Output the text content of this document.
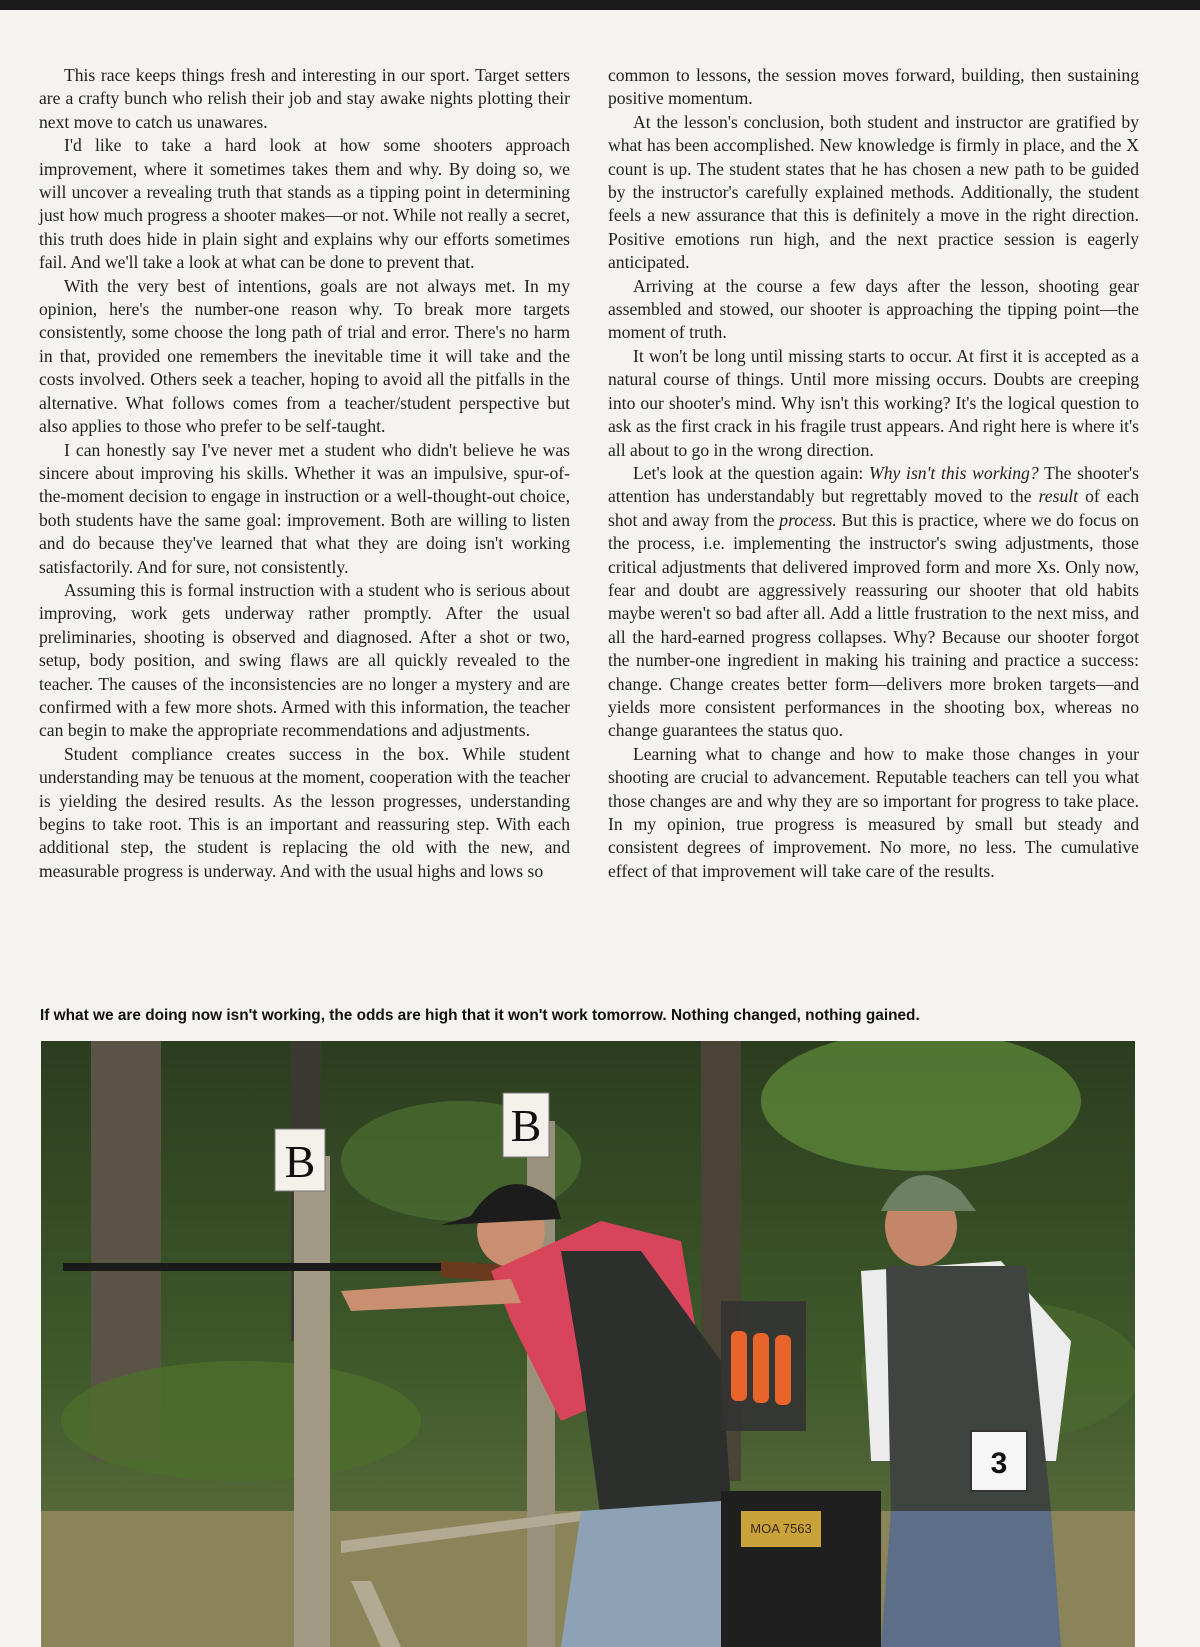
This race keeps things fresh and interesting in our sport. Target setters are a crafty bunch who relish their job and stay awake nights plotting their next move to catch us unawares.

I'd like to take a hard look at how some shooters approach improvement, where it sometimes takes them and why. By doing so, we will uncover a revealing truth that stands as a tipping point in determining just how much progress a shooter makes—or not. While not really a secret, this truth does hide in plain sight and explains why our efforts sometimes fail. And we'll take a look at what can be done to prevent that.

With the very best of intentions, goals are not always met. In my opinion, here's the number-one reason why. To break more targets consistently, some choose the long path of trial and error. There's no harm in that, provided one remembers the inevitable time it will take and the costs involved. Others seek a teacher, hoping to avoid all the pitfalls in the alternative. What follows comes from a teacher/student perspective but also applies to those who prefer to be self-taught.

I can honestly say I've never met a student who didn't believe he was sincere about improving his skills. Whether it was an impulsive, spur-of-the-moment decision to engage in instruction or a well-thought-out choice, both students have the same goal: improvement. Both are willing to listen and do because they've learned that what they are doing isn't working satisfactorily. And for sure, not consistently.

Assuming this is formal instruction with a student who is serious about improving, work gets underway rather promptly. After the usual preliminaries, shooting is observed and diagnosed. After a shot or two, setup, body position, and swing flaws are all quickly revealed to the teacher. The causes of the inconsistencies are no longer a mystery and are confirmed with a few more shots. Armed with this information, the teacher can begin to make the appropriate recommendations and adjustments.

Student compliance creates success in the box. While student understanding may be tenuous at the moment, cooperation with the teacher is yielding the desired results. As the lesson progresses, understanding begins to take root. This is an important and reassuring step. With each additional step, the student is replacing the old with the new, and measurable progress is underway. And with the usual highs and lows so

common to lessons, the session moves forward, building, then sustaining positive momentum.

At the lesson's conclusion, both student and instructor are gratified by what has been accomplished. New knowledge is firmly in place, and the X count is up. The student states that he has chosen a new path to be guided by the instructor's carefully explained methods. Additionally, the student feels a new assurance that this is definitely a move in the right direction. Positive emotions run high, and the next practice session is eagerly anticipated.

Arriving at the course a few days after the lesson, shooting gear assembled and stowed, our shooter is approaching the tipping point—the moment of truth.

It won't be long until missing starts to occur. At first it is accepted as a natural course of things. Until more missing occurs. Doubts are creeping into our shooter's mind. Why isn't this working? It's the logical question to ask as the first crack in his fragile trust appears. And right here is where it's all about to go in the wrong direction.

Let's look at the question again: Why isn't this working? The shooter's attention has understandably but regrettably moved to the result of each shot and away from the process. But this is practice, where we do focus on the process, i.e. implementing the instructor's swing adjustments, those critical adjustments that delivered improved form and more Xs. Only now, fear and doubt are aggressively reassuring our shooter that old habits maybe weren't so bad after all. Add a little frustration to the next miss, and all the hard-earned progress collapses. Why? Because our shooter forgot the number-one ingredient in making his training and practice a success: change. Change creates better form—delivers more broken targets—and yields more consistent performances in the shooting box, whereas no change guarantees the status quo.

Learning what to change and how to make those changes in your shooting are crucial to advancement. Reputable teachers can tell you what those changes are and why they are so important for progress to take place. In my opinion, true progress is measured by small but steady and consistent degrees of improvement. No more, no less. The cumulative effect of that improvement will take care of the results.

If what we are doing now isn't working, the odds are high that it won't work tomorrow. Nothing changed, nothing gained.
B
B
MOA 7563
3
